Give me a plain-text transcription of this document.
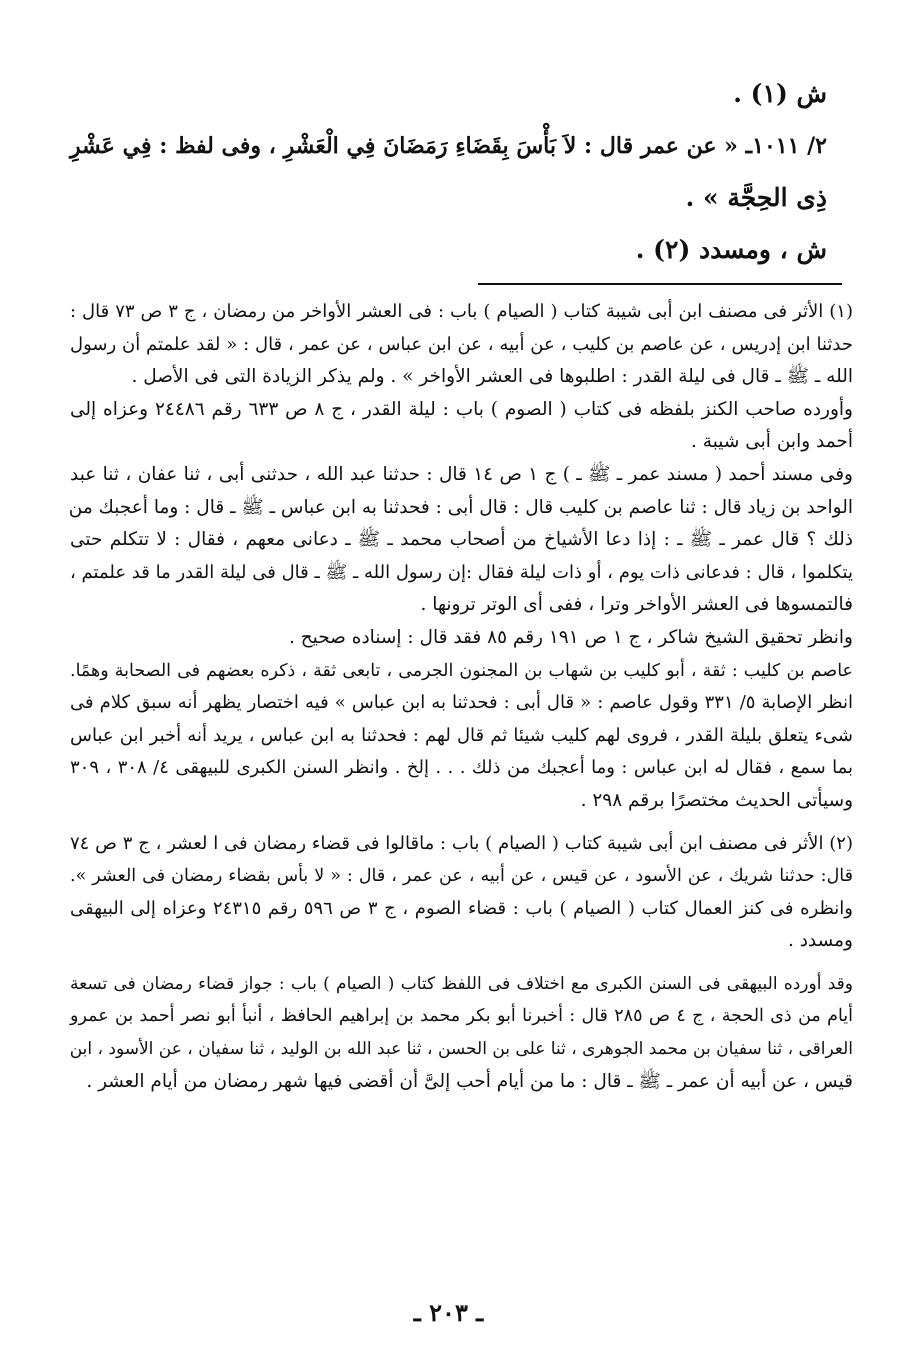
ش (١) .
٢/ ١٠١١ـ « عن عمر قال : لاَ بَأْسَ بِقَضَاءِ رَمَضَانَ فِي الْعَشْرِ ، وفى لفظ : فِي عَشْرِ
ذِى الحِجَّة » .
ش ، ومسدد (٢) .
(١) الأثر فى مصنف ابن أبى شيبة كتاب ( الصيام ) باب : فى العشر الأواخر من رمضان ، ج ٣ ص ٧٣ قال :
حدثنا ابن إدريس ، عن عاصم بن كليب ، عن أبيه ، عن ابن عباس ، عن عمر ، قال : « لقد علمتم أن رسول
الله ـ ﷺ ـ قال فى ليلة القدر : اطلبوها فى العشر الأواخر » . ولم يذكر الزيادة التى فى الأصل .
وأورده صاحب الكنز بلفظه فى كتاب ( الصوم ) باب : ليلة القدر ، ج ٨ ص ٦٣٣ رقم ٢٤٤٨٦ وعزاه إلى
أحمد وابن أبى شيبة .
وفى مسند أحمد ( مسند عمر ـ ﷺ ـ ) ج ١ ص ١٤ قال : حدثنا عبد الله ، حدثنى أبى ، ثنا عفان ، ثنا عبد
الواحد بن زياد قال : ثنا عاصم بن كليب قال : قال أبى : فحدثنا به ابن عباس ـ ﷺ ـ قال : وما أعجبك من
ذلك ؟ قال عمر ـ ﷺ ـ : إذا دعا الأشياخ من أصحاب محمد ـ ﷺ ـ دعانى معهم ، فقال : لا تتكلم حتى
يتكلموا ، قال : فدعانى ذات يوم ، أو ذات ليلة فقال :إن رسول الله ـ ﷺ ـ قال فى ليلة القدر ما قد علمتم ،
فالتمسوها فى العشر الأواخر وترا ، ففى أى الوتر ترونها .
وانظر تحقيق الشيخ شاكر ، ج ١ ص ١٩١ رقم ٨٥ فقد قال : إسناده صحيح .
عاصم بن كليب : ثقة ، أبو كليب بن شهاب بن المجنون الجرمى ، تابعى ثقة ، ذكره بعضهم فى الصحابة وهمًا.
انظر الإصابة ٥/ ٣٣١ وقول عاصم : « قال أبى : فحدثنا به ابن عباس » فيه اختصار يظهر أنه سبق كلام فى
شىء يتعلق بليلة القدر ، فروى لهم كليب شيئا ثم قال لهم : فحدثنا به ابن عباس ، يريد أنه أخبر ابن عباس
بما سمع ، فقال له ابن عباس : وما أعجبك من ذلك . . . إلخ . وانظر السنن الكبرى للبيهقى ٤/ ٣٠٨ ، ٣٠٩
وسيأتى الحديث مختصرًا برقم ٢٩٨ .
(٢) الأثر فى مصنف ابن أبى شيبة كتاب ( الصيام ) باب : ماقالوا فى قضاء رمضان فى ا لعشر ، ج ٣ ص ٧٤
قال: حدثنا شريك ، عن الأسود ، عن قيس ، عن أبيه ، عن عمر ، قال : « لا بأس بقضاء رمضان فى العشر ».
وانظره فى كنز العمال كتاب ( الصيام ) باب : قضاء الصوم ، ج ٣ ص ٥٩٦ رقم ٢٤٣١٥ وعزاه إلى البيهقى
ومسدد .
وقد أورده البيهقى فى السنن الكبرى مع اختلاف فى اللفظ كتاب ( الصيام ) باب : جواز قضاء رمضان فى تسعة
أيام من ذى الحجة ، ج ٤ ص ٢٨٥ قال : أخبرنا أبو بكر محمد بن إبراهيم الحافظ ، أنبأ أبو نصر أحمد بن عمرو
العراقى ، ثنا سفيان بن محمد الجوهرى ، ثنا على بن الحسن ، ثنا عبد الله بن الوليد ، ثنا سفيان ، عن الأسود ، ابن
قيس ، عن أبيه أن عمر ـ ﷺ ـ قال : ما من أيام أحب إلىَّ أن أقضى فيها شهر رمضان من أيام العشر .
ـ ٢٠٣ ـ
